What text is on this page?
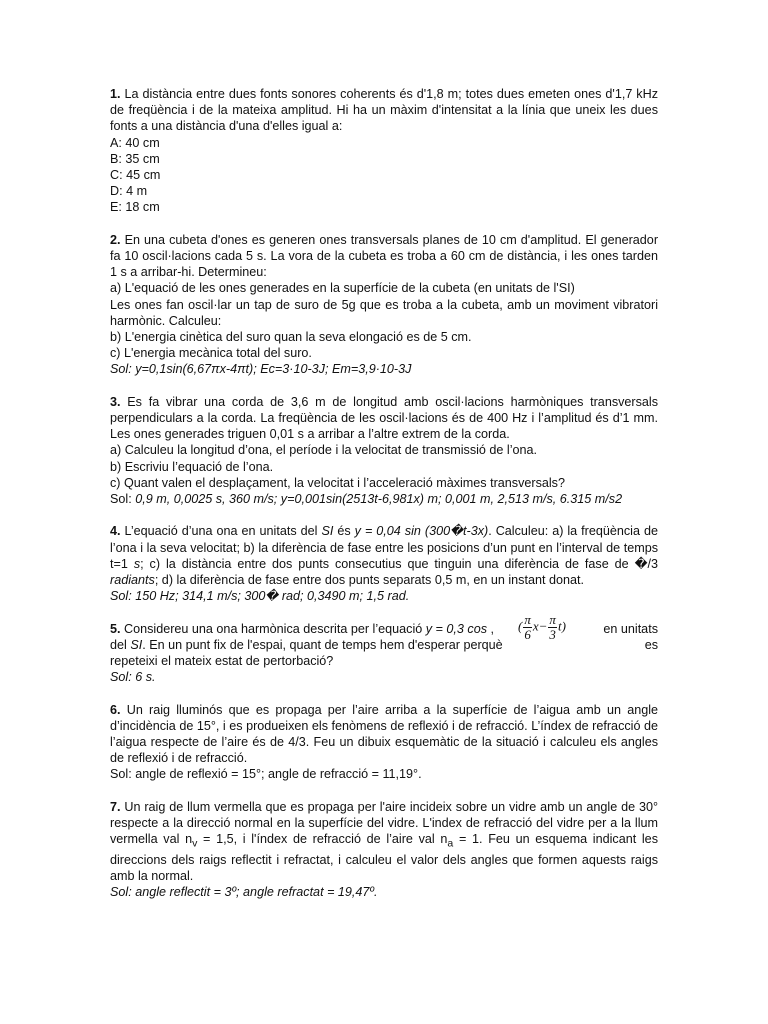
1. La distància entre dues fonts sonores coherents és d'1,8 m; totes dues emeten ones d'1,7 kHz de freqüència i de la mateixa amplitud. Hi ha un màxim d'intensitat a la línia que uneix les dues fonts a una distància d'una d'elles igual a:
A: 40 cm
B: 35 cm
C: 45 cm
D: 4 m
E: 18 cm
2. En una cubeta d'ones es generen ones transversals planes de 10 cm d'amplitud. El generador fa 10 oscil·lacions cada 5 s. La vora de la cubeta es troba a 60 cm de distància, i les ones tarden 1 s a arribar-hi. Determineu:
a) L'equació de les ones generades en la superfície de la cubeta (en unitats de l'SI)
Les ones fan oscil·lar un tap de suro de 5g que es troba a la cubeta, amb un moviment vibratori harmònic. Calculeu:
b) L'energia cinètica del suro quan la seva elongació es de 5 cm.
c) L'energia mecànica total del suro.
Sol: y=0,1sin(6,67πx-4πt); Ec=3·10-3J; Em=3,9·10-3J
3. Es fa vibrar una corda de 3,6 m de longitud amb oscil·lacions harmòniques transversals perpendiculars a la corda. La freqüència de les oscil·lacions és de 400 Hz i l’amplitud és d’1 mm. Les ones generades triguen 0,01 s a arribar a l’altre extrem de la corda.
a) Calculeu la longitud d’ona, el període i la velocitat de transmissió de l’ona.
b) Escriviu l’equació de l’ona.
c) Quant valen el desplaçament, la velocitat i l’acceleració màximes transversals?
Sol: 0,9 m, 0,0025 s, 360 m/s; y=0,001sin(2513t-6,981x) m; 0,001 m, 2,513 m/s, 6.315 m/s2
4. L’equació d’una ona en unitats del SI és y = 0,04 sin (300�t-3x). Calculeu: a) la freqüència de l’ona i la seva velocitat; b) la diferència de fase entre les posicions d’un punt en l’interval de temps t=1 s; c) la distància entre dos punts consecutius que tinguin una diferència de fase de �/3 radiants; d) la diferència de fase entre dos punts separats 0,5 m, en un instant donat.
Sol: 150 Hz; 314,1 m/s; 300� rad; 0,3490 m; 1,5 rad.
( $\frac{\pi}{6} x- \frac{\pi}{3} t$)
5. Considereu una ona harmònica descrita per l’equació y = 0,3 cos ,	en unitats
del SI. En un punt fix de l'espai, quant de temps hem d'esperar perquè	es
repeteixi el mateix estat de pertorbació?
Sol: 6 s.
6. Un raig lluminós que es propaga per l’aire arriba a la superfície de l’aigua amb un angle d’incidència de 15°, i es produeixen els fenòmens de reflexió i de refracció. L’índex de refracció de l’aigua respecte de l’aire és de 4/3. Feu un dibuix esquemàtic de la situació i calculeu els angles de reflexió i de refracció.
Sol: angle de reflexió = 15°; angle de refracció = 11,19°.
7. Un raig de llum vermella que es propaga per l'aire incideix sobre un vidre amb un angle de 30° respecte a la direcció normal en la superfície del vidre. L'index de refracció del vidre per a la llum vermella val $n_v = 1,5$, i l'índex de refracció de l’aire val $n_a = 1$. Feu un esquema indicant les direccions dels raigs reflectit i refractat, i calculeu el valor dels angles que formen aquests raigs amb la normal.
Sol: angle reflectit = 3º; angle refractat = 19,47º.
